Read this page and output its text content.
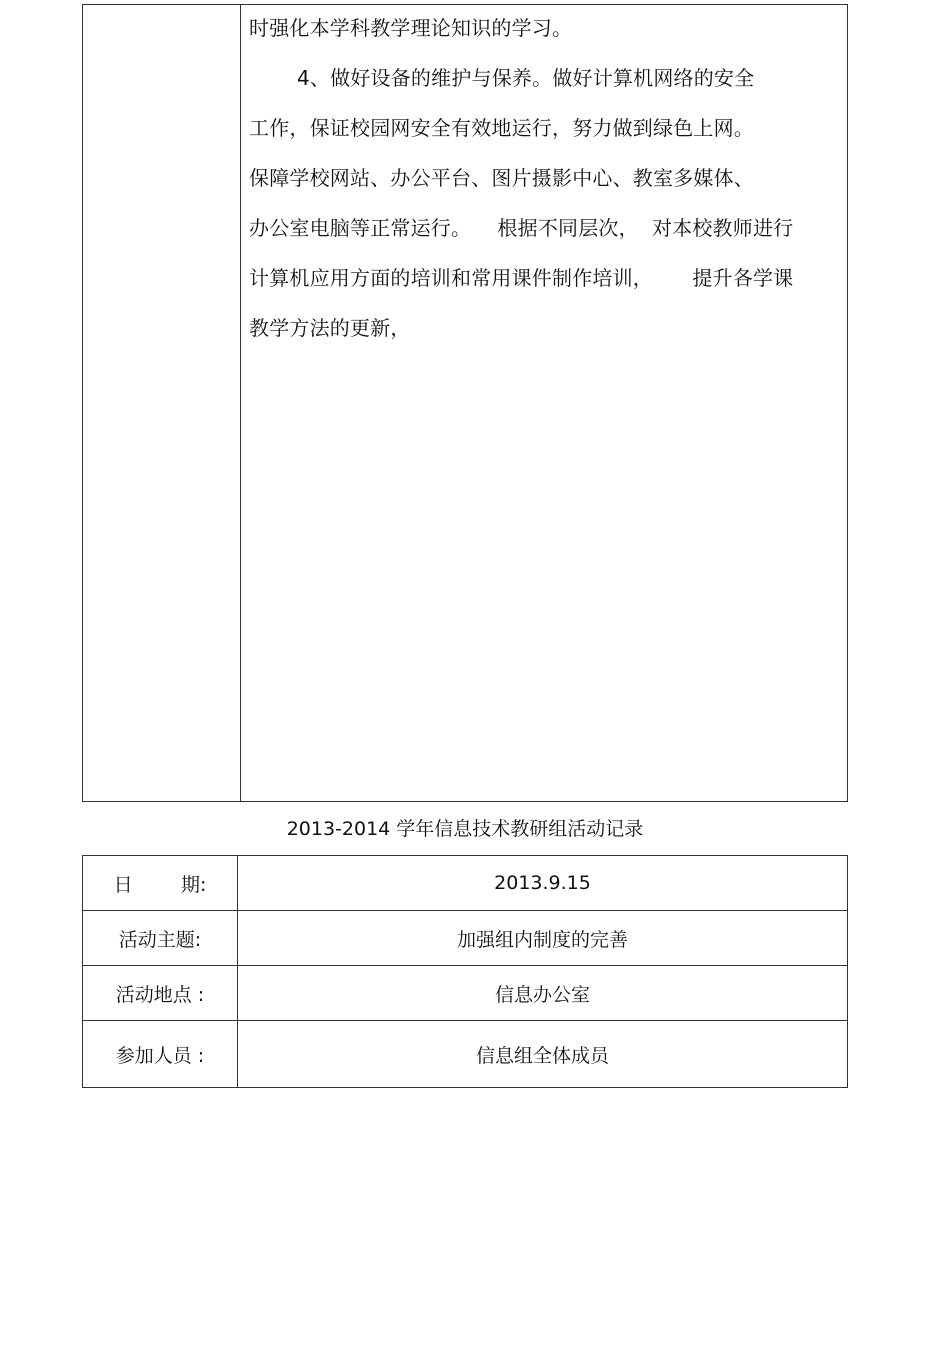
时强化本学科教学理论知识的学习。
4、做好设备的维护与保养。做好计算机网络的安全
工作，保证校园网安全有效地运行，努力做到绿色上网。
保障学校网站、办公平台、图片摄影中心、教室多媒体、
办公室电脑等正常运行。    根据不同层次，  对本校教师进行
计算机应用方面的培训和常用课件制作培训，      提升各学课
教学方法的更新，
2013-2014 学年信息技术教研组活动记录
日        期:	2013.9.15
活动主题:	加强组内制度的完善
活动地点 :	信息办公室
参加人员 :	信息组全体成员
